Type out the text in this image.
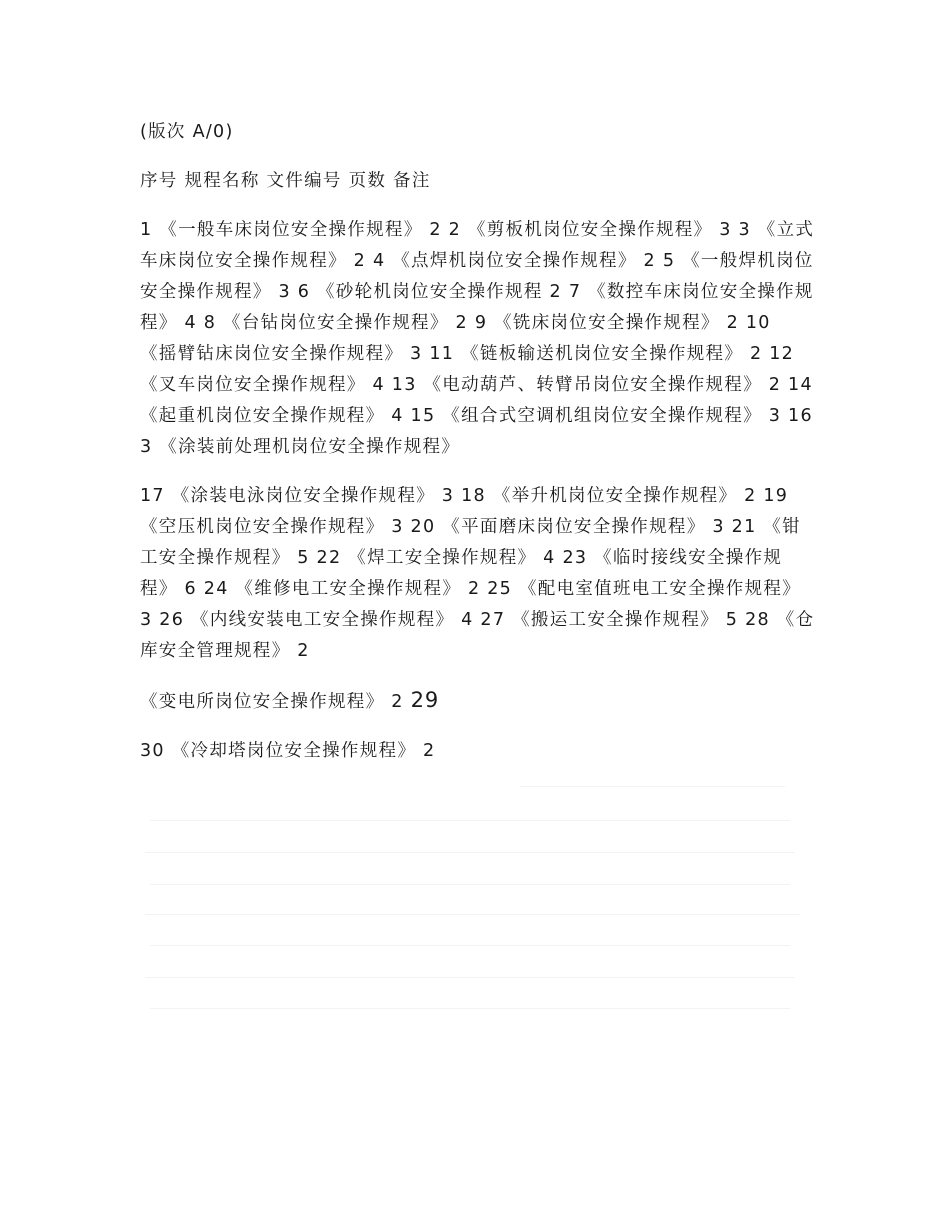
(版次 A/0)

序号 规程名称 文件编号 页数 备注

1 《一般车床岗位安全操作规程》 2 2 《剪板机岗位安全操作规程》 3 3 《立式车床岗位安全操作规程》 2 4 《点焊机岗位安全操作规程》 2 5 《一般焊机岗位安全操作规程》 3 6 《砂轮机岗位安全操作规程 2 7 《数控车床岗位安全操作规程》 4 8 《台钻岗位安全操作规程》 2 9 《铣床岗位安全操作规程》 2 10 《摇臂钻床岗位安全操作规程》 3 11 《链板输送机岗位安全操作规程》 2 12 《叉车岗位安全操作规程》 4 13 《电动葫芦、转臂吊岗位安全操作规程》 2 14 《起重机岗位安全操作规程》 4 15 《组合式空调机组岗位安全操作规程》 3 16 3 《涂装前处理机岗位安全操作规程》

17 《涂装电泳岗位安全操作规程》 3 18 《举升机岗位安全操作规程》 2 19 《空压机岗位安全操作规程》 3 20 《平面磨床岗位安全操作规程》 3 21 《钳工安全操作规程》 5 22 《焊工安全操作规程》 4 23 《临时接线安全操作规程》 6 24 《维修电工安全操作规程》 2 25 《配电室值班电工安全操作规程》 3 26 《内线安装电工安全操作规程》 4 27 《搬运工安全操作规程》 5 28 《仓库安全管理规程》 2

《变电所岗位安全操作规程》 2 29

30 《冷却塔岗位安全操作规程》 2
